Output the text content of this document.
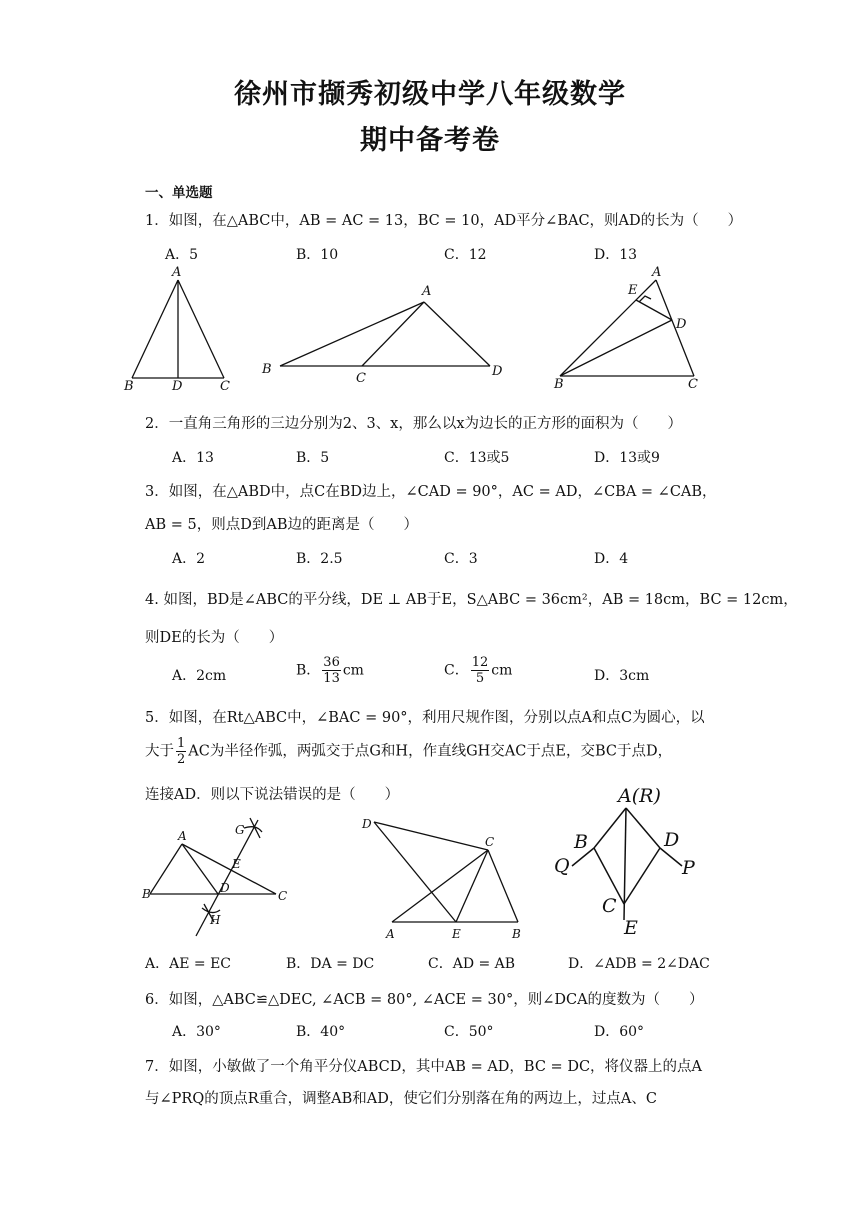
徐州市撷秀初级中学八年级数学
期中备考卷
一、单选题
1．如图，在△ABC中，AB = AC = 13，BC = 10，AD平分∠BAC，则AD的长为（　　）
A．5	B．10	C．12	D．13
A
B	D	C
A
B
C	D
A
E
D
B	C
2．一直角三角形的三边分别为2、3、x，那么以x为边长的正方形的面积为（　　）
A．13	B．5	C．13或5	D．13或9
3．如图，在△ABD中，点C在BD边上，∠CAD = 90°，AC = AD，∠CBA = ∠CAB，
AB = 5，则点D到AB边的距离是（　　）
A．2	B．2.5	C．3	D．4
4. 如图，BD是∠ABC的平分线，DE ⊥ AB于E，S△ABC = 36cm²，AB = 18cm，BC = 12cm，
则DE的长为（　　）
A．2cm	B． $\frac{36}{13}$ cm	C． $\frac{12}{5}$ cm	D．3cm
5．如图，在Rt△ABC中，∠BAC = 90°，利用尺规作图，分别以点A和点C为圆心，以
大于 $\frac{1}{2}$ AC为半径作弧，两弧交于点G和H，作直线GH交AC于点E，交BC于点D，
连接AD．则以下说法错误的是（　　）
A	G
E
D
B	C
H
D
C
A	E	B
A(R)
B	D
Q	P
C
E
A．AE = EC	B．DA = DC	C．AD = AB	D．∠ADB = 2∠DAC
6．如图，△ABC≌△DEC, ∠ACB = 80°, ∠ACE = 30°，则∠DCA的度数为（　　）
A．30°	B．40°	C．50°	D．60°
7．如图，小敏做了一个角平分仪ABCD，其中AB = AD，BC = DC，将仪器上的点A
与∠PRQ的顶点R重合，调整AB和AD，使它们分别落在角的两边上，过点A、C
